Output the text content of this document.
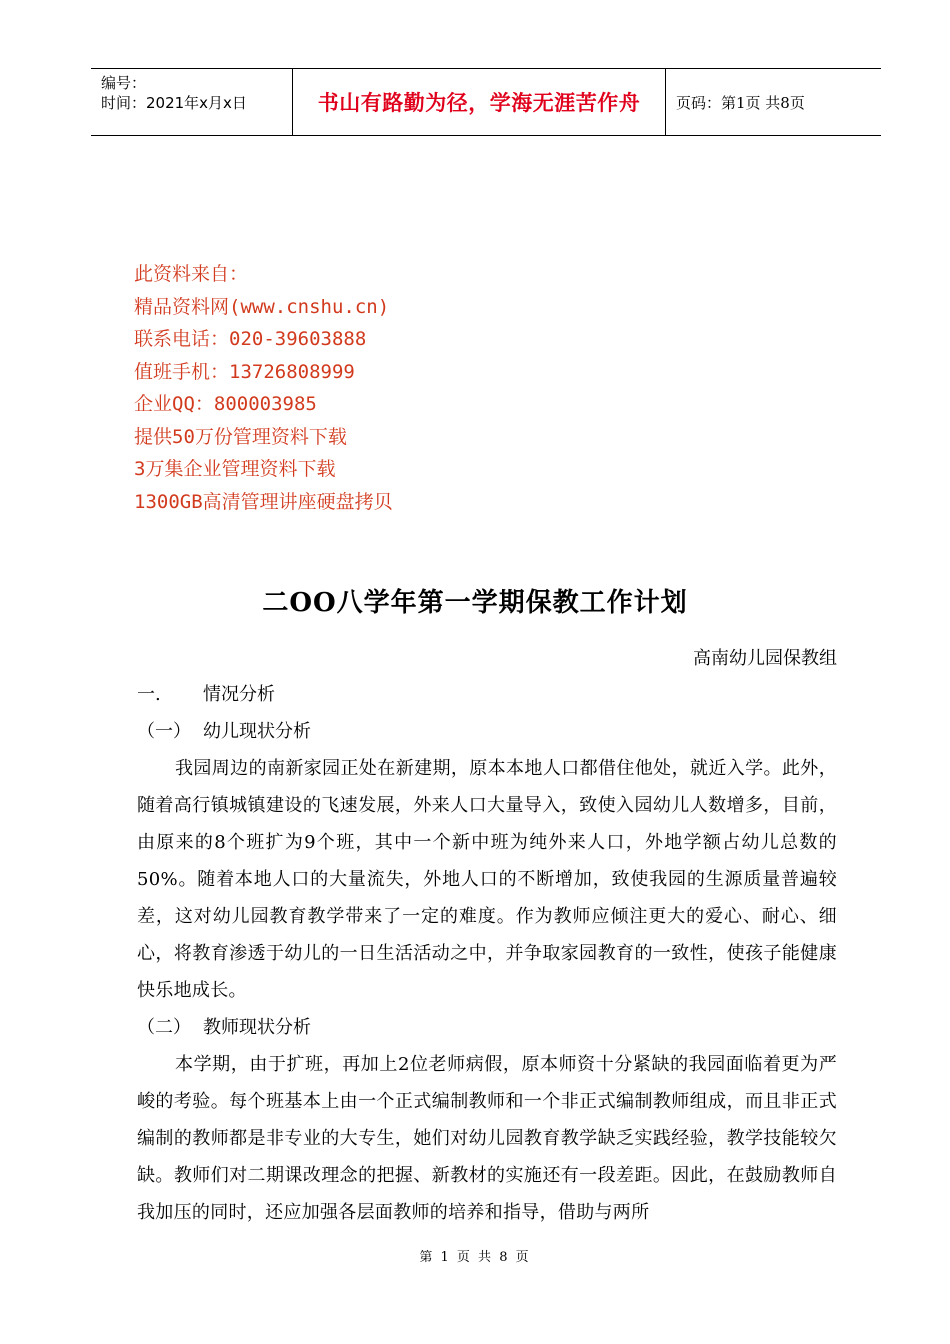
编号：
时间：2021年x月x日	书山有路勤为径，学海无涯苦作舟 页码：第1页 共8页
此资料来自：
精品资料网(www.cnshu.cn)
联系电话：020-39603888
值班手机：13726808999
企业QQ：800003985
提供50万份管理资料下载
3万集企业管理资料下载
1300GB高清管理讲座硬盘拷贝
二OO八学年第一学期保教工作计划
高南幼儿园保教组
一. 情况分析
（一） 幼儿现状分析
我园周边的南新家园正处在新建期，原本本地人口都借住他处，就近入学。此外，随着高行镇城镇建设的飞速发展，外来人口大量导入，致使入园幼儿人数增多，目前，由原来的8个班扩为9个班，其中一个新中班为纯外来人口，外地学额占幼儿总数的50%。随着本地人口的大量流失，外地人口的不断增加，致使我园的生源质量普遍较差，这对幼儿园教育教学带来了一定的难度。作为教师应倾注更大的爱心、耐心、细心，将教育渗透于幼儿的一日生活活动之中，并争取家园教育的一致性，使孩子能健康快乐地成长。
（二） 教师现状分析
本学期，由于扩班，再加上2位老师病假，原本师资十分紧缺的我园面临着更为严峻的考验。每个班基本上由一个正式编制教师和一个非正式编制教师组成，而且非正式编制的教师都是非专业的大专生，她们对幼儿园教育教学缺乏实践经验，教学技能较欠缺。教师们对二期课改理念的把握、新教材的实施还有一段差距。因此，在鼓励教师自我加压的同时，还应加强各层面教师的培养和指导，借助与两所
第 1 页 共 8 页
